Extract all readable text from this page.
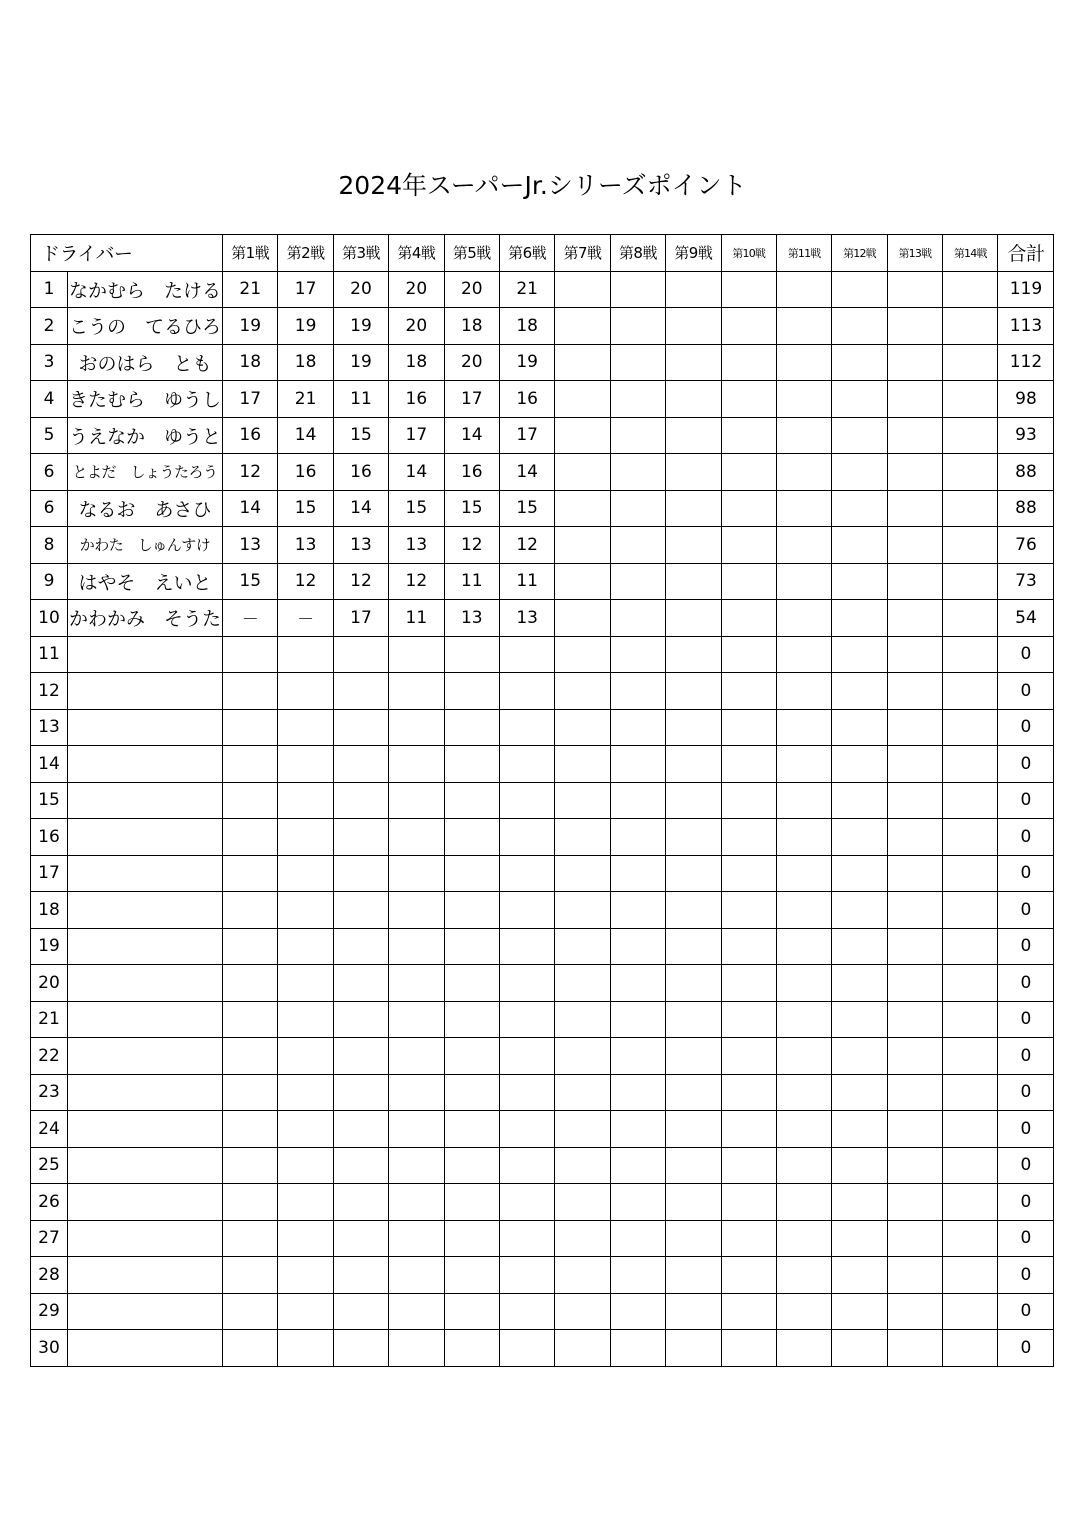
2024年スーパーJr.シリーズポイント
ドライバー		第1戦	第2戦	第3戦	第4戦	第5戦	第6戦	第7戦	第8戦	第9戦	第10戦	第11戦	第12戦	第13戦	第14戦	合計
1	なかむら　たける	21	17	20	20	20	21									119
2	こうの　てるひろ	19	19	19	20	18	18									113
3	おのはら　とも	18	18	19	18	20	19									112
4	きたむら　ゆうし	17	21	11	16	17	16									98
5	うえなか　ゆうと	16	14	15	17	14	17									93
6	とよだ　しょうたろう	12	16	16	14	16	14									88
6	なるお　あさひ	14	15	14	15	15	15									88
8	かわた　しゅんすけ	13	13	13	13	12	12									76
9	はやそ　えいと	15	12	12	12	11	11									73
10	かわかみ　そうた	－	－	17	11	13	13									54
11																0
12																0
13																0
14																0
15																0
16																0
17																0
18																0
19																0
20																0
21																0
22																0
23																0
24																0
25																0
26																0
27																0
28																0
29																0
30																0
